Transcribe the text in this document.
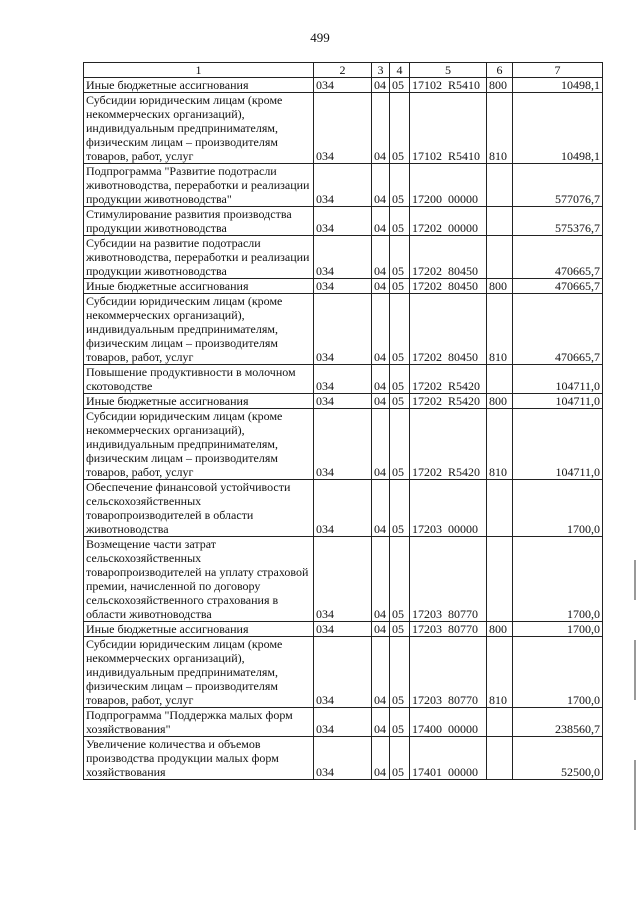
499
1	2	3	4	5	6	7
Иные бюджетные ассигнования	034	04	05	17102  R5410	800	10498,1
Субсидии юридическим лицам (кроме некоммерческих организаций), индивидуальным предпринимателям, физическим лицам – производителям товаров, работ, услуг	034	04	05	17102  R5410	810	10498,1
Подпрограмма "Развитие подотрасли животноводства, переработки и реализации продукции животноводства"	034	04	05	17200  00000		577076,7
Стимулирование развития производства продукции животноводства	034	04	05	17202  00000		575376,7
Субсидии на развитие подотрасли животноводства, переработки и реализации продукции животноводства	034	04	05	17202  80450		470665,7
Иные бюджетные ассигнования	034	04	05	17202  80450	800	470665,7
Субсидии юридическим лицам (кроме некоммерческих организаций), индивидуальным предпринимателям, физическим лицам – производителям товаров, работ, услуг	034	04	05	17202  80450	810	470665,7
Повышение продуктивности в молочном скотоводстве	034	04	05	17202  R5420		104711,0
Иные бюджетные ассигнования	034	04	05	17202  R5420	800	104711,0
Субсидии юридическим лицам (кроме некоммерческих организаций), индивидуальным предпринимателям, физическим лицам – производителям товаров, работ, услуг	034	04	05	17202  R5420	810	104711,0
Обеспечение финансовой устойчивости сельскохозяйственных товаропроизводителей в области животноводства	034	04	05	17203  00000		1700,0
Возмещение части затрат сельскохозяйственных товаропроизводителей на уплату страховой премии, начисленной по договору сельскохозяйственного страхования в области животноводства	034	04	05	17203  80770		1700,0
Иные бюджетные ассигнования	034	04	05	17203  80770	800	1700,0
Субсидии юридическим лицам (кроме некоммерческих организаций), индивидуальным предпринимателям, физическим лицам – производителям товаров, работ, услуг	034	04	05	17203  80770	810	1700,0
Подпрограмма "Поддержка малых форм хозяйствования"	034	04	05	17400  00000		238560,7
Увеличение количества и объемов производства продукции малых форм хозяйствования	034	04	05	17401  00000		52500,0
